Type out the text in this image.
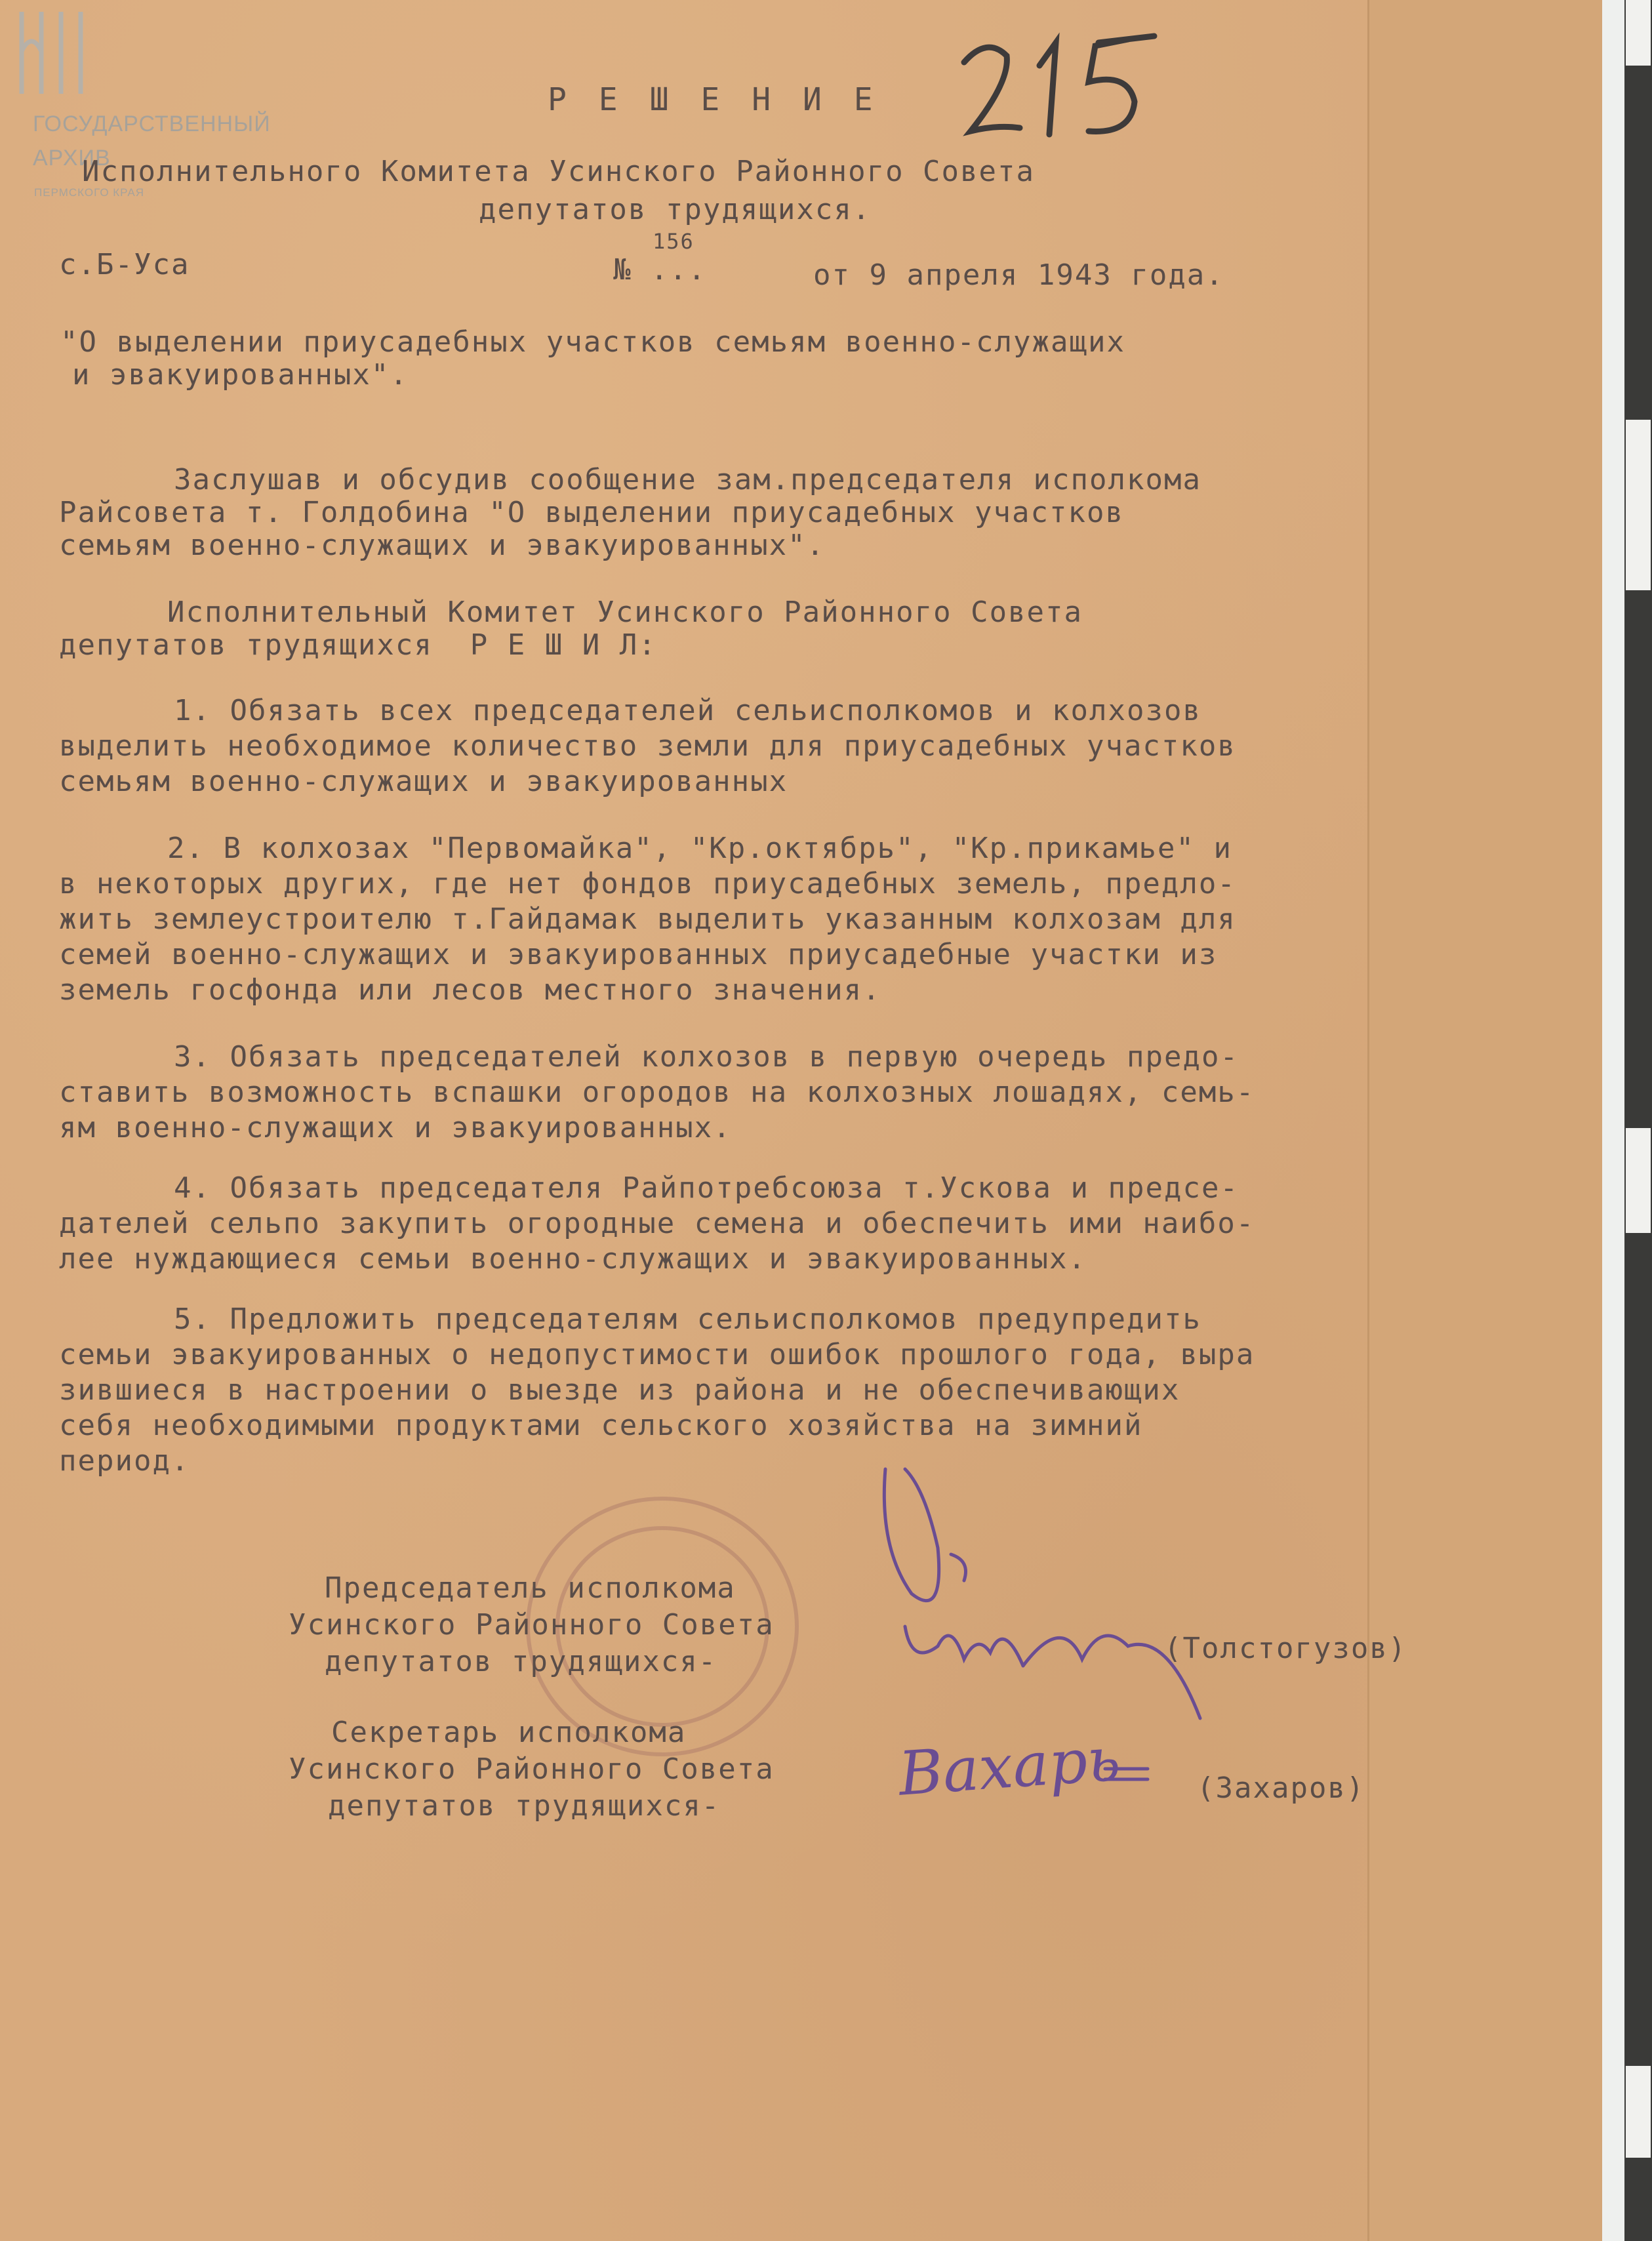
ГОСУДАРСТВЕННЫЙ
АРХИВ
ПЕРМСКОГО КРАЯ
Р Е Ш Е Н И Е
Исполнительного Комитета Усинского Районного Совета
депутатов трудящихся.
с.Б-Уса	№ ...
156
от 9 апреля 1943 года.
"О выделении приусадебных участков семьям военно-служащих
и эвакуированных".
Заслушав и обсудив сообщение зам.председателя исполкома
Райсовета т. Голдобина "О выделении приусадебных участков
семьям военно-служащих и эвакуированных".
Исполнительный Комитет Усинского Районного Совета
депутатов трудящихся  Р Е Ш И Л:
1. Обязать всех председателей сельисполкомов и колхозов
выделить необходимое количество земли для приусадебных участков
семьям военно-служащих и эвакуированных
2. В колхозах "Первомайка", "Кр.октябрь", "Кр.прикамье" и
в некоторых других, где нет фондов приусадебных земель, предло-
жить землеустроителю т.Гайдамак выделить указанным колхозам для
семей военно-служащих и эвакуированных приусадебные участки из
земель госфонда или лесов местного значения.
3. Обязать председателей колхозов в первую очередь предо-
ставить возможность вспашки огородов на колхозных лошадях, семь-
ям военно-служащих и эвакуированных.
4. Обязать председателя Райпотребсоюза т.Ускова и предсе-
дателей сельпо закупить огородные семена и обеспечить ими наибо-
лее нуждающиеся семьи военно-служащих и эвакуированных.
5. Предложить председателям сельисполкомов предупредить
семьи эвакуированных о недопустимости ошибок прошлого года, выра
зившиеся в настроении о выезде из района и не обеспечивающих
себя необходимыми продуктами сельского хозяйства на зимний
период.
Председатель исполкома
Усинского Районного Совета
депутатов трудящихся-	(Толстогузов)
Секретарь исполкома
Усинского Районного Совета
депутатов трудящихся-
(Захаров)
Вахарь
